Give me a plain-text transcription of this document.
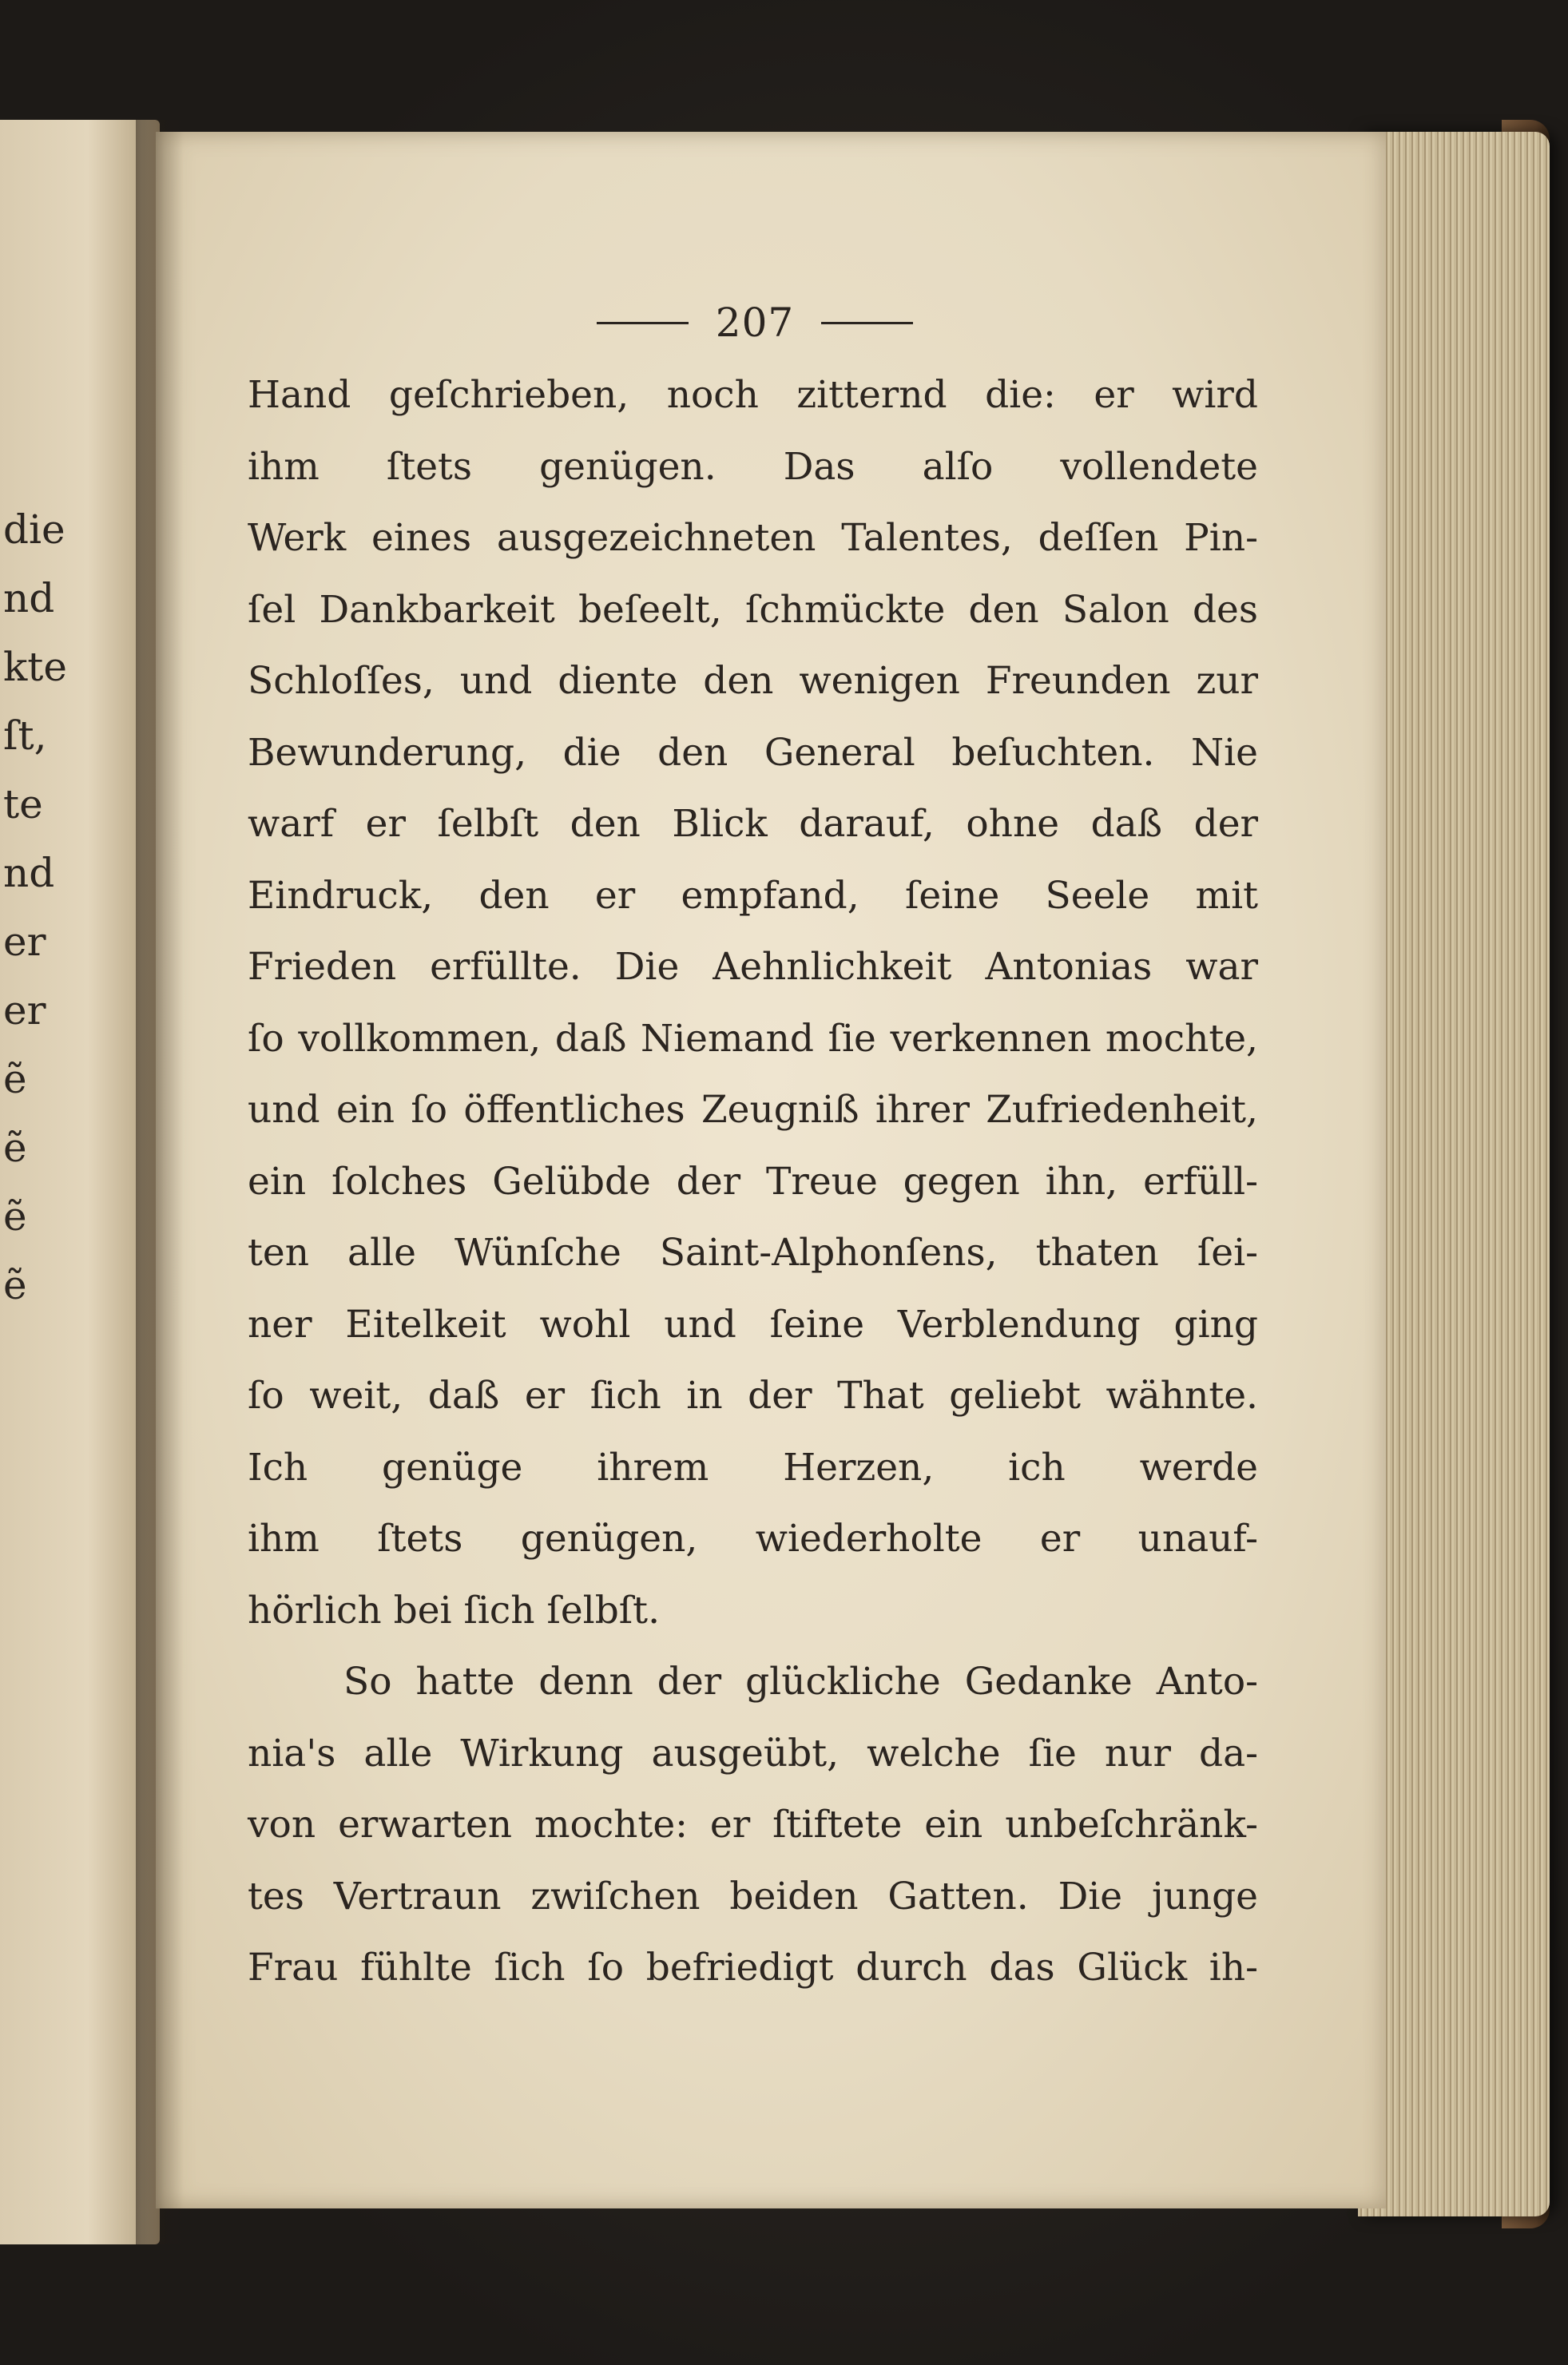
die
nd
kte
ſt,
te
nd
er
er
ẽ
ẽ
ẽ
ẽ
207
Hand geſchrieben, noch zitternd die: er wird
ihm ſtets genügen. Das alſo vollendete
Werk eines ausgezeichneten Talentes, deſſen Pin-
ſel Dankbarkeit beſeelt, ſchmückte den Salon des
Schloſſes, und diente den wenigen Freunden zur
Bewunderung, die den General beſuchten. Nie
warf er ſelbſt den Blick darauf, ohne daß der
Eindruck, den er empfand, ſeine Seele mit
Frieden erfüllte. Die Aehnlichkeit Antonias war
ſo vollkommen, daß Niemand ſie verkennen mochte,
und ein ſo öffentliches Zeugniß ihrer Zufriedenheit,
ein ſolches Gelübde der Treue gegen ihn, erfüll-
ten alle Wünſche Saint-Alphonſens, thaten ſei-
ner Eitelkeit wohl und ſeine Verblendung ging
ſo weit, daß er ſich in der That geliebt wähnte.
Ich genüge ihrem Herzen, ich werde
ihm ſtets genügen, wiederholte er unauf-
hörlich bei ſich ſelbſt.
So hatte denn der glückliche Gedanke Anto-
nia's alle Wirkung ausgeübt, welche ſie nur da-
von erwarten mochte: er ſtiftete ein unbeſchränk-
tes Vertraun zwiſchen beiden Gatten. Die junge
Frau fühlte ſich ſo befriedigt durch das Glück ih-
